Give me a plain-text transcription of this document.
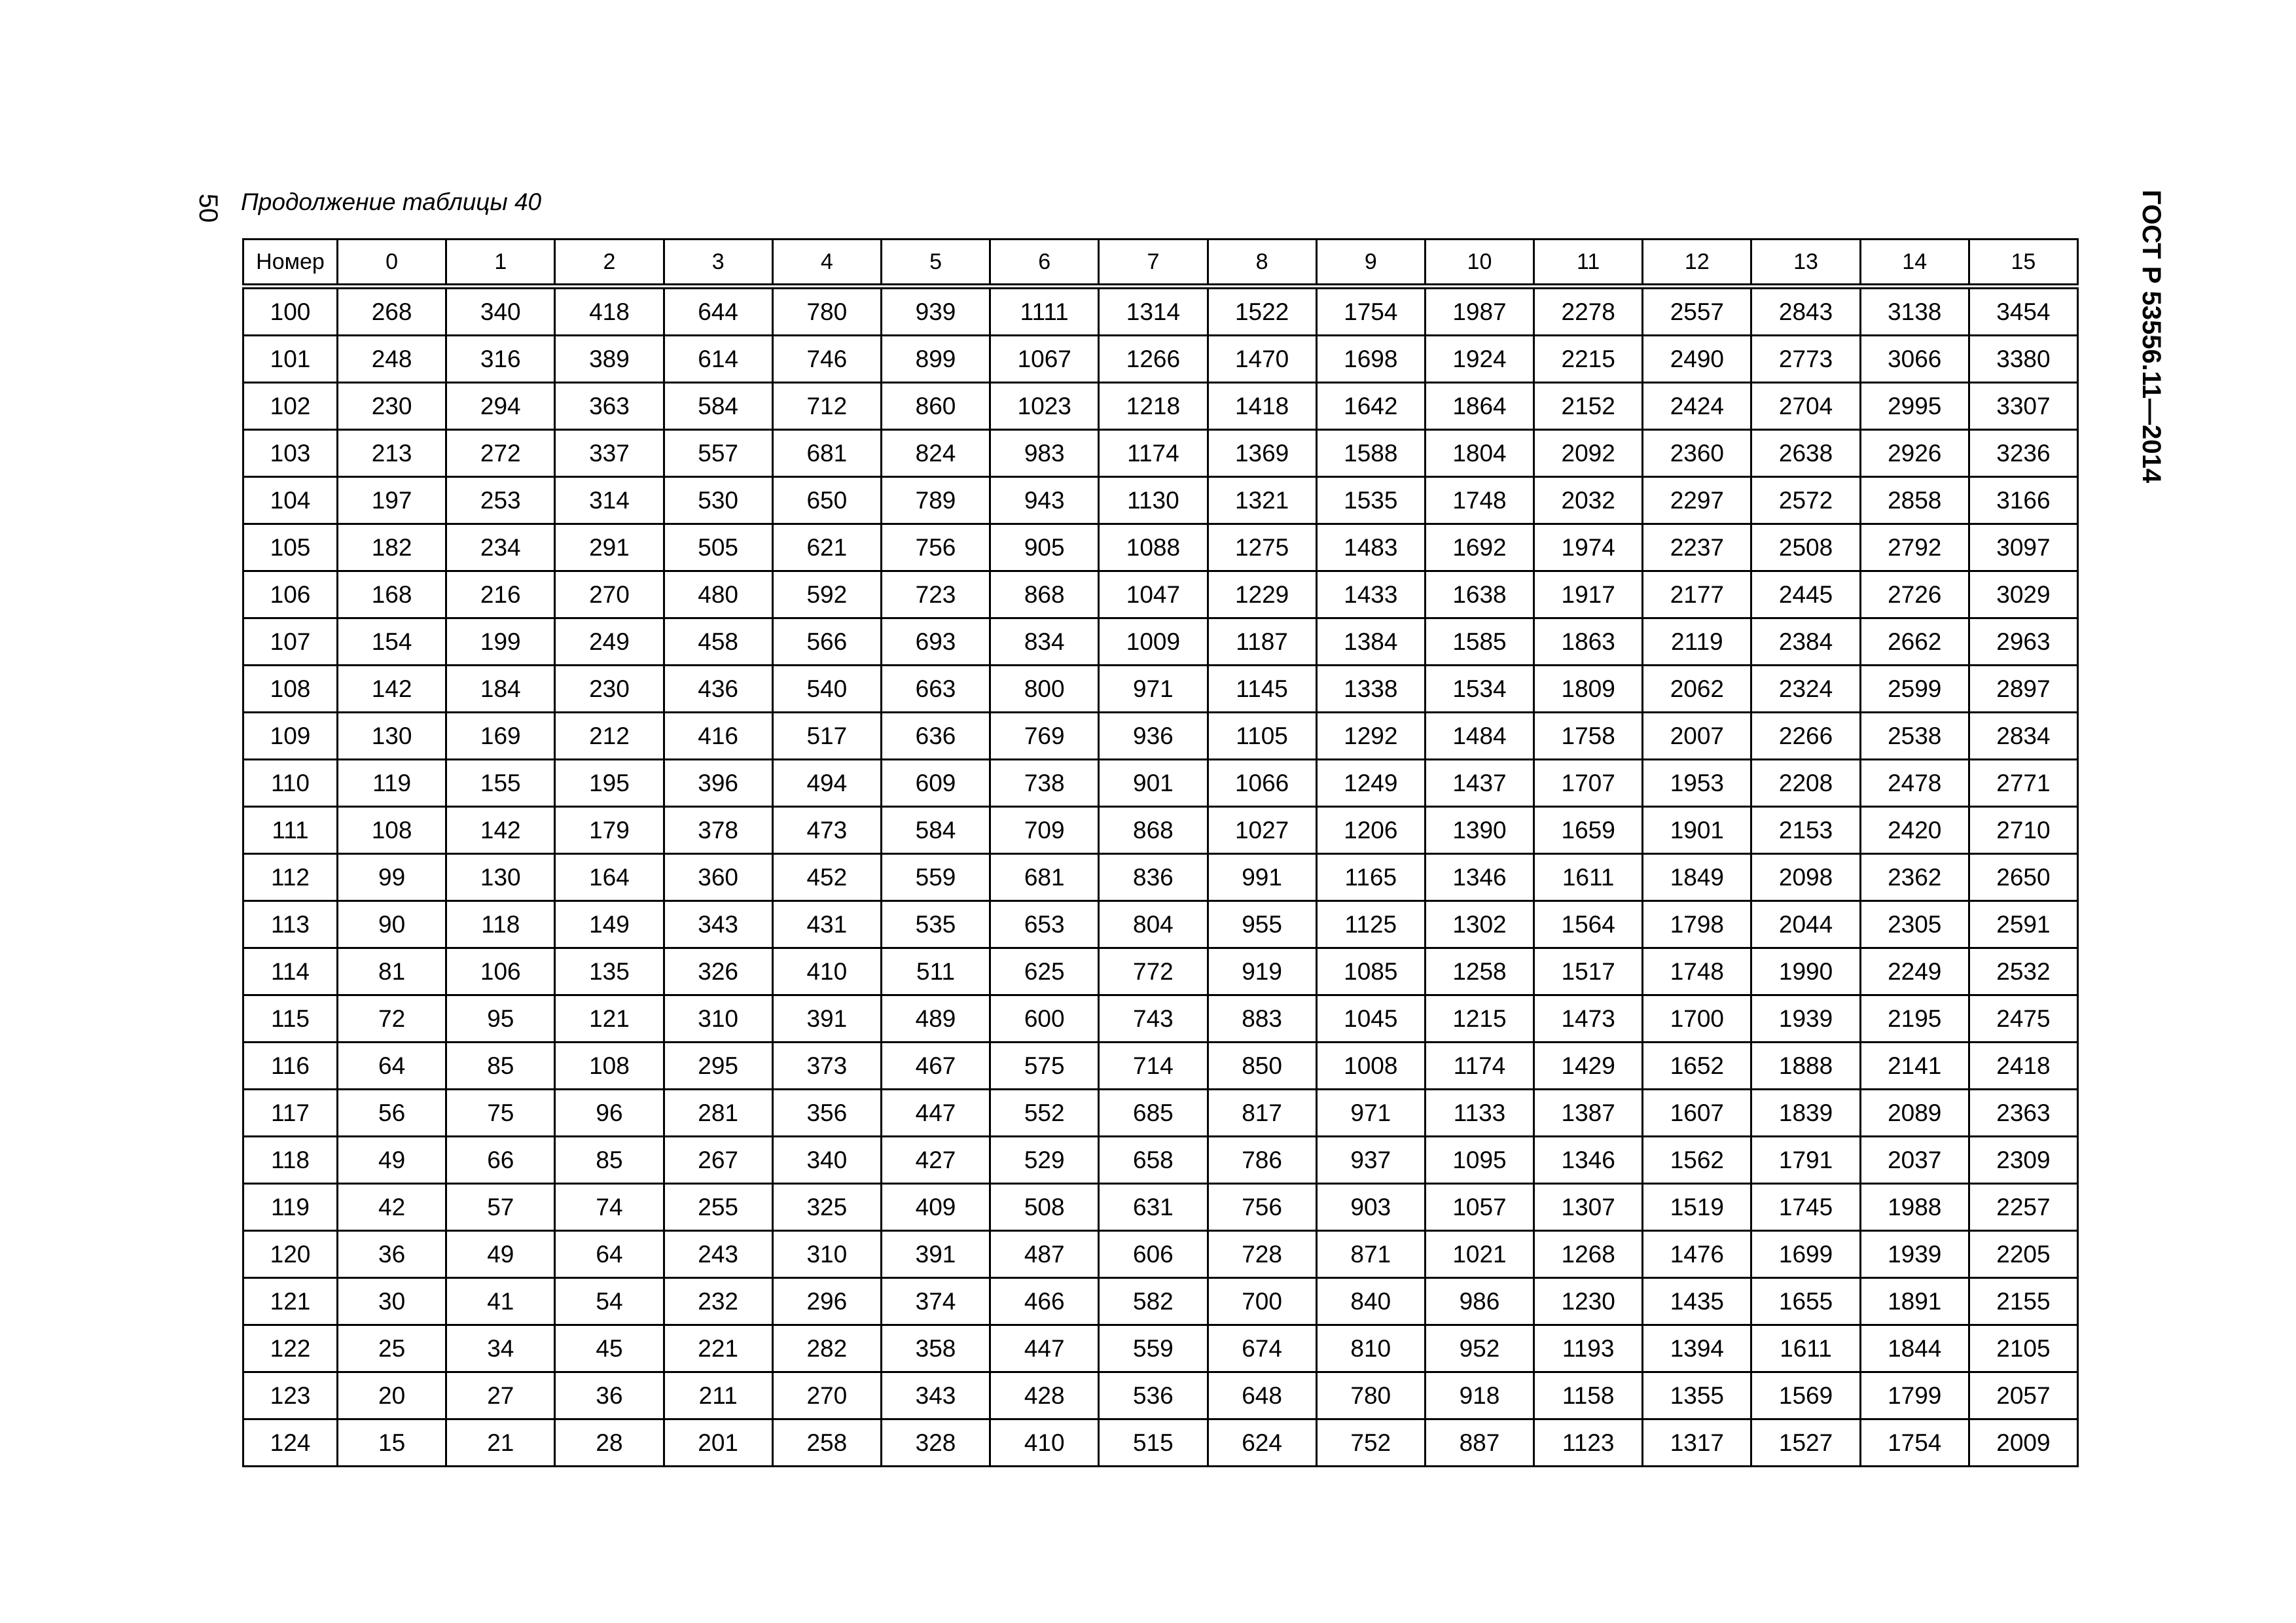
50 Продолжение таблицы 40	ГОСТ Р 53556.11—2014
Номер	0	1	2	3	4	5	6	7	8	9	10	11	12	13	14	15
100	268	340	418	644	780	939	1111	1314	1522	1754	1987	2278	2557	2843	3138	3454
101	248	316	389	614	746	899	1067	1266	1470	1698	1924	2215	2490	2773	3066	3380
102	230	294	363	584	712	860	1023	1218	1418	1642	1864	2152	2424	2704	2995	3307
103	213	272	337	557	681	824	983	1174	1369	1588	1804	2092	2360	2638	2926	3236
104	197	253	314	530	650	789	943	1130	1321	1535	1748	2032	2297	2572	2858	3166
105	182	234	291	505	621	756	905	1088	1275	1483	1692	1974	2237	2508	2792	3097
106	168	216	270	480	592	723	868	1047	1229	1433	1638	1917	2177	2445	2726	3029
107	154	199	249	458	566	693	834	1009	1187	1384	1585	1863	2119	2384	2662	2963
108	142	184	230	436	540	663	800	971	1145	1338	1534	1809	2062	2324	2599	2897
109	130	169	212	416	517	636	769	936	1105	1292	1484	1758	2007	2266	2538	2834
110	119	155	195	396	494	609	738	901	1066	1249	1437	1707	1953	2208	2478	2771
111	108	142	179	378	473	584	709	868	1027	1206	1390	1659	1901	2153	2420	2710
112	99	130	164	360	452	559	681	836	991	1165	1346	1611	1849	2098	2362	2650
113	90	118	149	343	431	535	653	804	955	1125	1302	1564	1798	2044	2305	2591
114	81	106	135	326	410	511	625	772	919	1085	1258	1517	1748	1990	2249	2532
115	72	95	121	310	391	489	600	743	883	1045	1215	1473	1700	1939	2195	2475
116	64	85	108	295	373	467	575	714	850	1008	1174	1429	1652	1888	2141	2418
117	56	75	96	281	356	447	552	685	817	971	1133	1387	1607	1839	2089	2363
118	49	66	85	267	340	427	529	658	786	937	1095	1346	1562	1791	2037	2309
119	42	57	74	255	325	409	508	631	756	903	1057	1307	1519	1745	1988	2257
120	36	49	64	243	310	391	487	606	728	871	1021	1268	1476	1699	1939	2205
121	30	41	54	232	296	374	466	582	700	840	986	1230	1435	1655	1891	2155
122	25	34	45	221	282	358	447	559	674	810	952	1193	1394	1611	1844	2105
123	20	27	36	211	270	343	428	536	648	780	918	1158	1355	1569	1799	2057
124	15	21	28	201	258	328	410	515	624	752	887	1123	1317	1527	1754	2009
